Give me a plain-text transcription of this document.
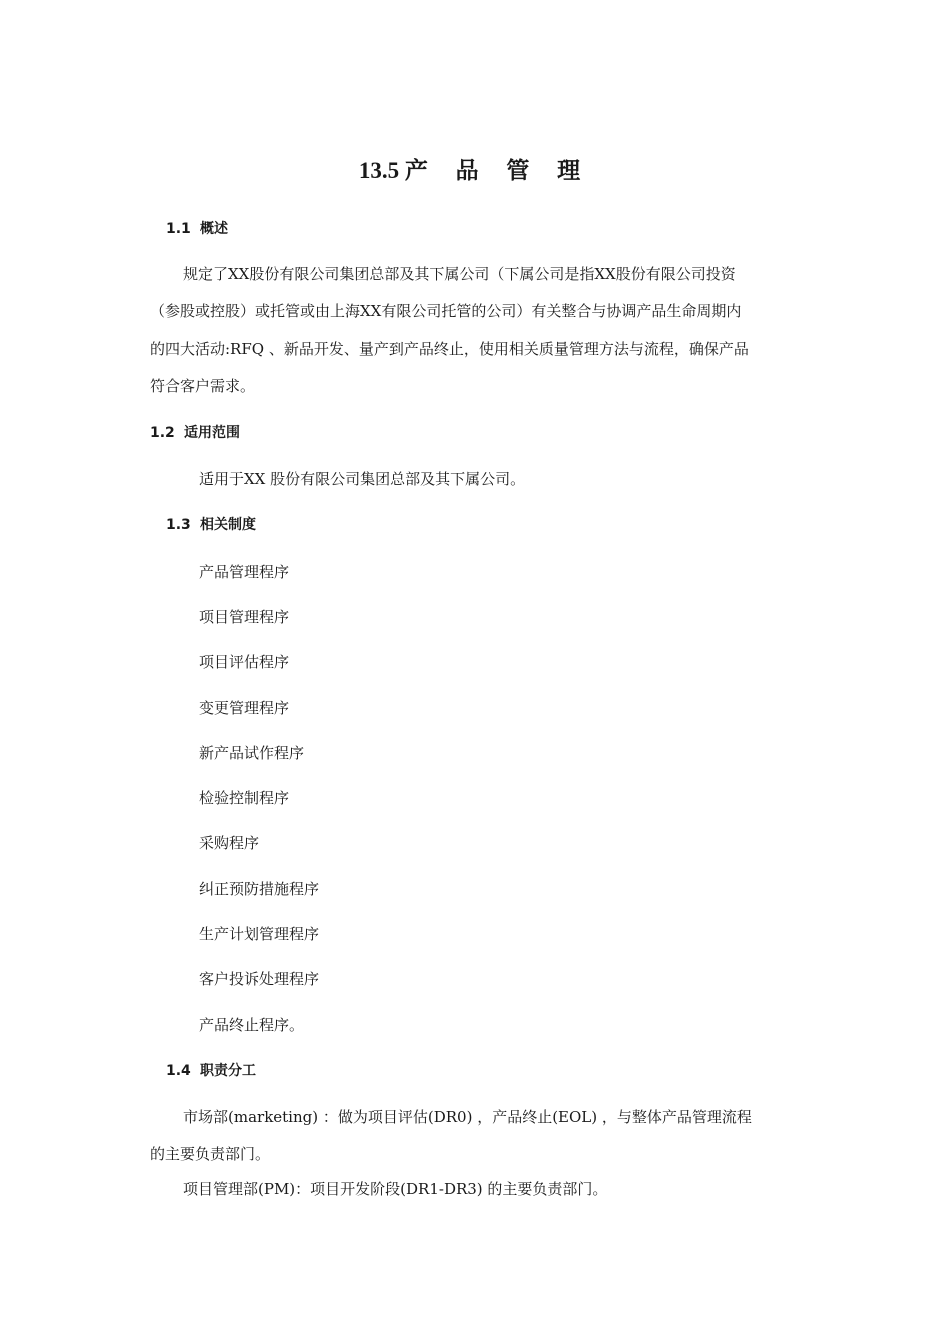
13.5 产 品 管 理
1.1 概述
规定了XX股份有限公司集团总部及其下属公司（下属公司是指XX股份有限公司投资
（参股或控股）或托管或由上海XX有限公司托管的公司）有关整合与协调产品生命周期内
的四大活动:RFQ 、新品开发、量产到产品终止，使用相关质量管理方法与流程，确保产品
符合客户需求。
1.2 适用范围
适用于XX 股份有限公司集团总部及其下属公司。
1.3 相关制度
产品管理程序
项目管理程序
项目评估程序
变更管理程序
新产品试作程序
检验控制程序
采购程序
纠正预防措施程序
生产计划管理程序
客户投诉处理程序
产品终止程序。
1.4 职责分工
市场部(marketing) ：做为项目评估(DR0) ，产品终止(EOL) ，与整体产品管理流程
的主要负责部门。
项目管理部(PM)：项目开发阶段(DR1-DR3) 的主要负责部门。
